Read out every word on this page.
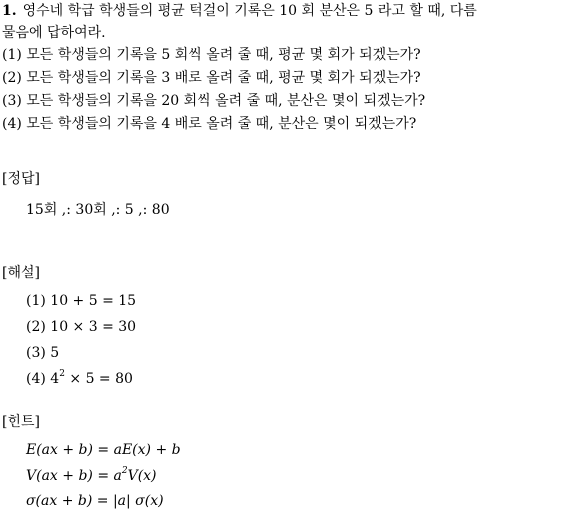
1. 영수네 학급 학생들의 평균 턱걸이 기록은 10 회 분산은 5 라고 할 때, 다름
물음에 답하여라.
(1) 모든 학생들의 기록을 5 회씩 올려 줄 때, 평균 몇 회가 되겠는가?
(2) 모든 학생들의 기록을 3 배로 올려 줄 때, 평균 몇 회가 되겠는가?
(3) 모든 학생들의 기록을 20 회씩 올려 줄 때, 분산은 몇이 되겠는가?
(4) 모든 학생들의 기록을 4 배로 올려 줄 때, 분산은 몇이 되겠는가?
[정답]
15회 ,: 30회 ,: 5 ,: 80
[해설]
(1) 10 + 5 = 15
(2) 10 × 3 = 30
(3) 5
(4) $4^2 \times 5 = 80$
[힌트]
E(ax + b) = aE(x) + b
$V(ax + b) = a^2V(x)$
σ(ax + b) = |a| σ(x)
